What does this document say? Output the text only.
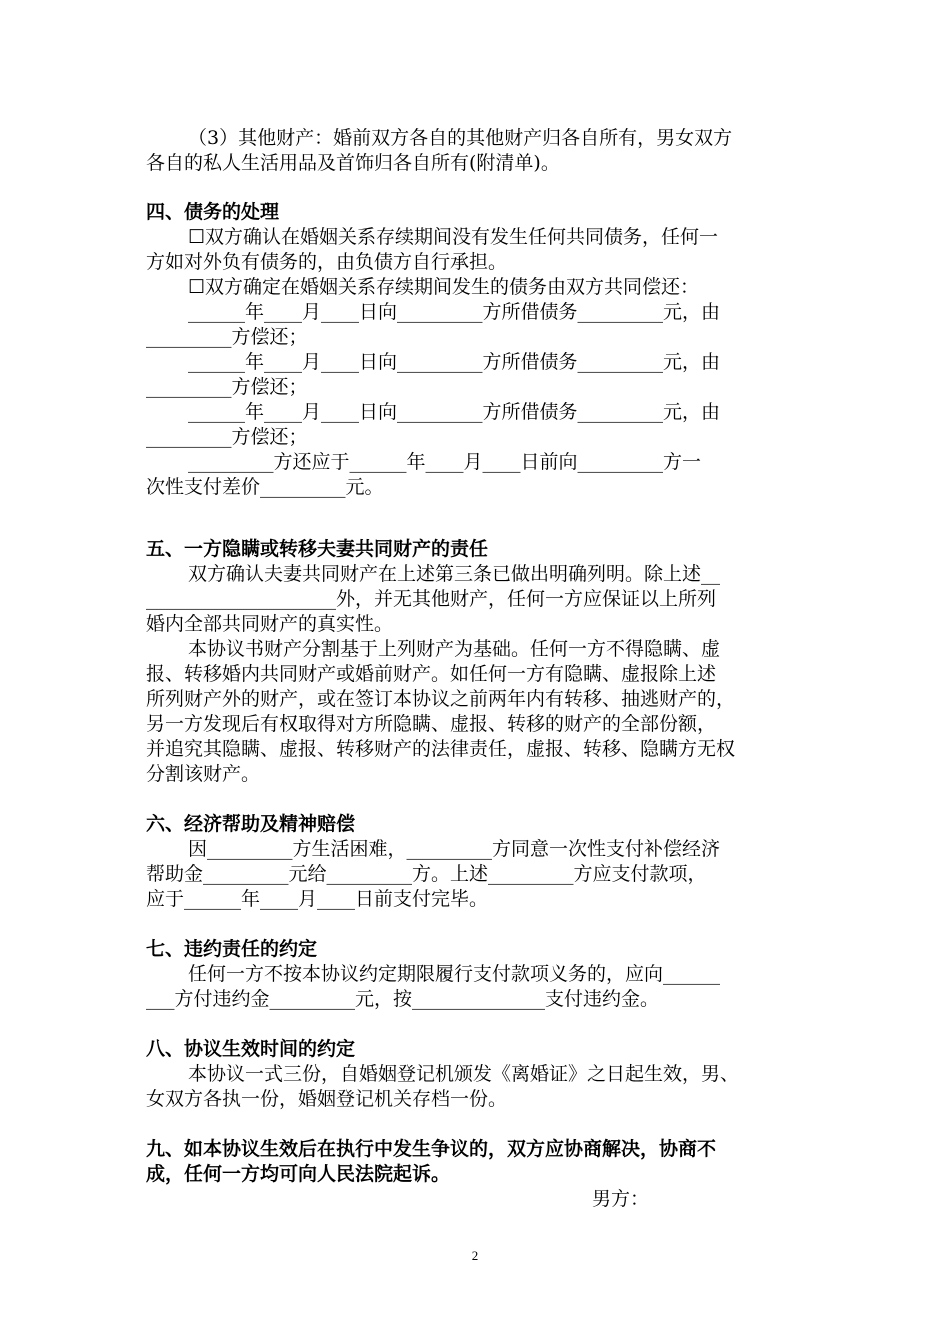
（3）其他财产：婚前双方各自的其他财产归各自所有，男女双方
各自的私人生活用品及首饰归各自所有(附清单)。
四、债务的处理
☐双方确认在婚姻关系存续期间没有发生任何共同债务，任何一
方如对外负有债务的，由负债方自行承担。
☐双方确定在婚姻关系存续期间发生的债务由双方共同偿还：
______年____月____日向_________方所借债务_________元，由
_________方偿还；
______年____月____日向_________方所借债务_________元，由
_________方偿还；
______年____月____日向_________方所借债务_________元，由
_________方偿还；
_________方还应于______年____月____日前向_________方一
次性支付差价_________元。
五、一方隐瞒或转移夫妻共同财产的责任
双方确认夫妻共同财产在上述第三条已做出明确列明。除上述__
____________________外，并无其他财产，任何一方应保证以上所列
婚内全部共同财产的真实性。
本协议书财产分割基于上列财产为基础。任何一方不得隐瞒、虚
报、转移婚内共同财产或婚前财产。如任何一方有隐瞒、虚报除上述
所列财产外的财产，或在签订本协议之前两年内有转移、抽逃财产的，
另一方发现后有权取得对方所隐瞒、虚报、转移的财产的全部份额，
并追究其隐瞒、虚报、转移财产的法律责任，虚报、转移、隐瞒方无权
分割该财产。
六、经济帮助及精神赔偿
因_________方生活困难，_________方同意一次性支付补偿经济
帮助金_________元给_________方。上述_________方应支付款项，
应于______年____月____日前支付完毕。
七、违约责任的约定
任何一方不按本协议约定期限履行支付款项义务的，应向______
___方付违约金_________元，按______________支付违约金。
八、协议生效时间的约定
本协议一式三份，自婚姻登记机颁发《离婚证》之日起生效，男、
女双方各执一份，婚姻登记机关存档一份。
九、如本协议生效后在执行中发生争议的，双方应协商解决，协商不
成，任何一方均可向人民法院起诉。
男方：
2
